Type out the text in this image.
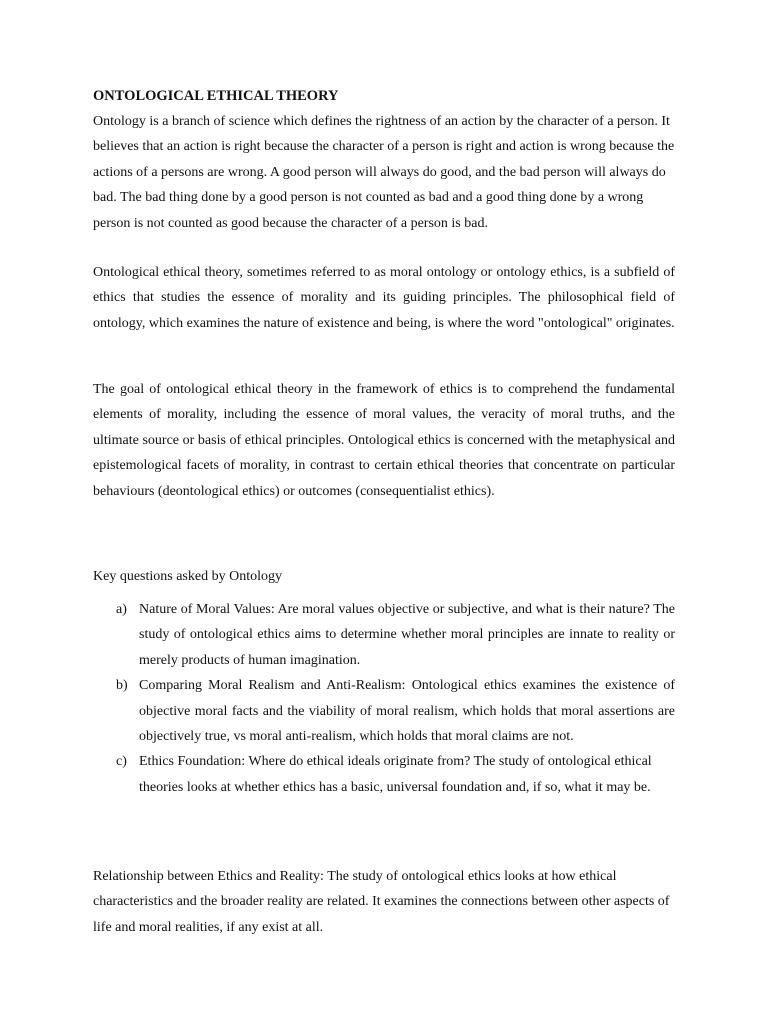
ONTOLOGICAL ETHICAL THEORY

Ontology is a branch of science which defines the rightness of an action by the character of a person. It believes that an action is right because the character of a person is right and action is wrong because the actions of a persons are wrong. A good person will always do good, and the bad person will always do bad. The bad thing done by a good person is not counted as bad and a good thing done by a wrong person is not counted as good because the character of a person is bad.

Ontological ethical theory, sometimes referred to as moral ontology or ontology ethics, is a subfield of ethics that studies the essence of morality and its guiding principles. The philosophical field of ontology, which examines the nature of existence and being, is where the word "ontological" originates.

The goal of ontological ethical theory in the framework of ethics is to comprehend the fundamental elements of morality, including the essence of moral values, the veracity of moral truths, and the ultimate source or basis of ethical principles. Ontological ethics is concerned with the metaphysical and epistemological facets of morality, in contrast to certain ethical theories that concentrate on particular behaviours (deontological ethics) or outcomes (consequentialist ethics).

Key questions asked by Ontology

a) Nature of Moral Values: Are moral values objective or subjective, and what is their nature? The study of ontological ethics aims to determine whether moral principles are innate to reality or merely products of human imagination.
b) Comparing Moral Realism and Anti-Realism: Ontological ethics examines the existence of objective moral facts and the viability of moral realism, which holds that moral assertions are objectively true, vs moral anti-realism, which holds that moral claims are not.
c) Ethics Foundation: Where do ethical ideals originate from? The study of ontological ethical theories looks at whether ethics has a basic, universal foundation and, if so, what it may be.

Relationship between Ethics and Reality: The study of ontological ethics looks at how ethical characteristics and the broader reality are related. It examines the connections between other aspects of life and moral realities, if any exist at all.
